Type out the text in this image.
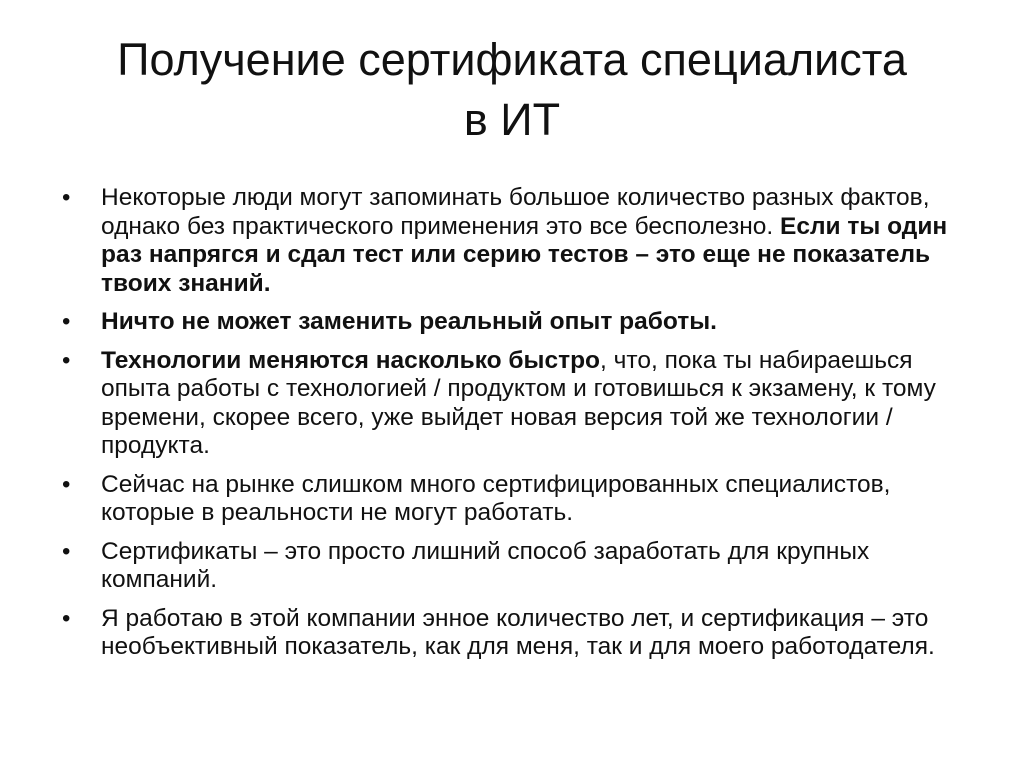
Получение сертификата специалиста
в ИТ
• Некоторые люди могут запоминать большое количество разных фактов, однако без практического применения это все бесполезно. Если ты один раз напрягся и сдал тест или серию тестов – это еще не показатель твоих знаний.
• Ничто не может заменить реальный опыт работы.
• Технологии меняются насколько быстро, что, пока ты набираешься опыта работы с технологией / продуктом и готовишься к экзамену, к тому времени, скорее всего, уже выйдет новая версия той же технологии / продукта.
• Сейчас на рынке слишком много сертифицированных специалистов, которые в реальности не могут работать.
• Сертификаты – это просто лишний способ заработать для крупных компаний.
• Я работаю в этой компании энное количество лет, и сертификация – это необъективный показатель, как для меня, так и для моего работодателя.
